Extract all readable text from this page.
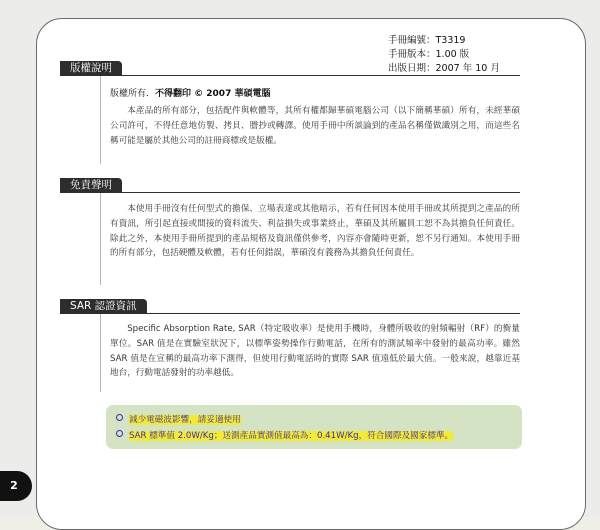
手冊編號：T3319
手冊版本：1.00 版
出版日期：2007 年 10 月
版權說明
版權所有．不得翻印 © 2007 華碩電腦

本產品的所有部分，包括配件與軟體等，其所有權都歸華碩電腦公司（以下簡稱華碩）所有，未經華碩公司許可，不得任意地仿製、拷貝、謄抄或轉譯。使用手冊中所談論到的產品名稱僅做識別之用，而這些名稱可能是屬於其他公司的註冊商標或是版權。

免責聲明

本使用手冊沒有任何型式的擔保、立場表達或其他暗示，若有任何因本使用手冊或其所提到之產品的所有資訊，所引起直接或間接的資料流失、利益損失或事業終止，華碩及其所屬員工恕不為其擔負任何責任。除此之外，本使用手冊所提到的產品規格及資訊僅供參考，內容亦會隨時更新，恕不另行通知。本使用手冊的所有部分，包括硬體及軟體，若有任何錯誤，華碩沒有義務為其擔負任何責任。

SAR 認證資訊

Specific Absorption Rate, SAR（特定吸收率）是使用手機時，身體所吸收的射頻輻射（RF）的衡量單位。SAR 值是在實驗室狀況下，以標準姿勢操作行動電話，在所有的測試頻率中發射的最高功率。雖然 SAR 值是在宣稱的最高功率下測得，但使用行動電話時的實際 SAR 值遠低於最大值。一般來說，越靠近基地台，行動電話發射的功率越低。

減少電磁波影響，請妥適使用
SAR 標準值 2.0W/Kg；送測產品實測值最高為：0.41W/Kg，符合國際及國家標準。
2
